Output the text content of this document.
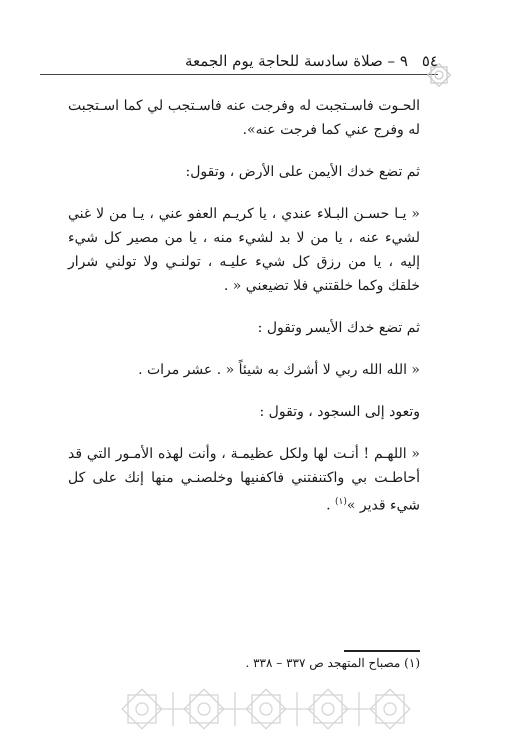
٥٤
٩ – صلاة سادسة للحاجة يوم الجمعة

الحـوت فاسـتجبت له وفرجت عنه فاسـتجب لي كما اسـتجبت له وفرج عني كما فرجت عنه».

ثم تضع خدك الأيمن على الأرض ، وتقول:

« يـا حسـن البـلاء عندي ، يا كريـم العفو عني ، يـا من لا غني لشيء عنه ، يا من لا بد لشيء منه ، يا من مصير كل شيء إليه ، يا من رزق كل شيء عليـه ، تولنـي ولا تولني شرار خلقك وكما خلقتني فلا تضيعني « .

ثم تضع خدك الأيسر وتقول :

« الله الله ربي لا أشرك به شيئاً « . عشر مرات .

وتعود إلى السجود ، وتقول :

« اللهـم ! أنـت لها ولكل عظيمـة ، وأنت لهذه الأمـور التي قد أحاطـت بي واكتنفتني فاكفنيها وخلصنـي منها إنك على كل شيء قدير »$^{(١)}$ .

(١) مصباح المتهجد ص ٣٣٧ – ٣٣٨ .
